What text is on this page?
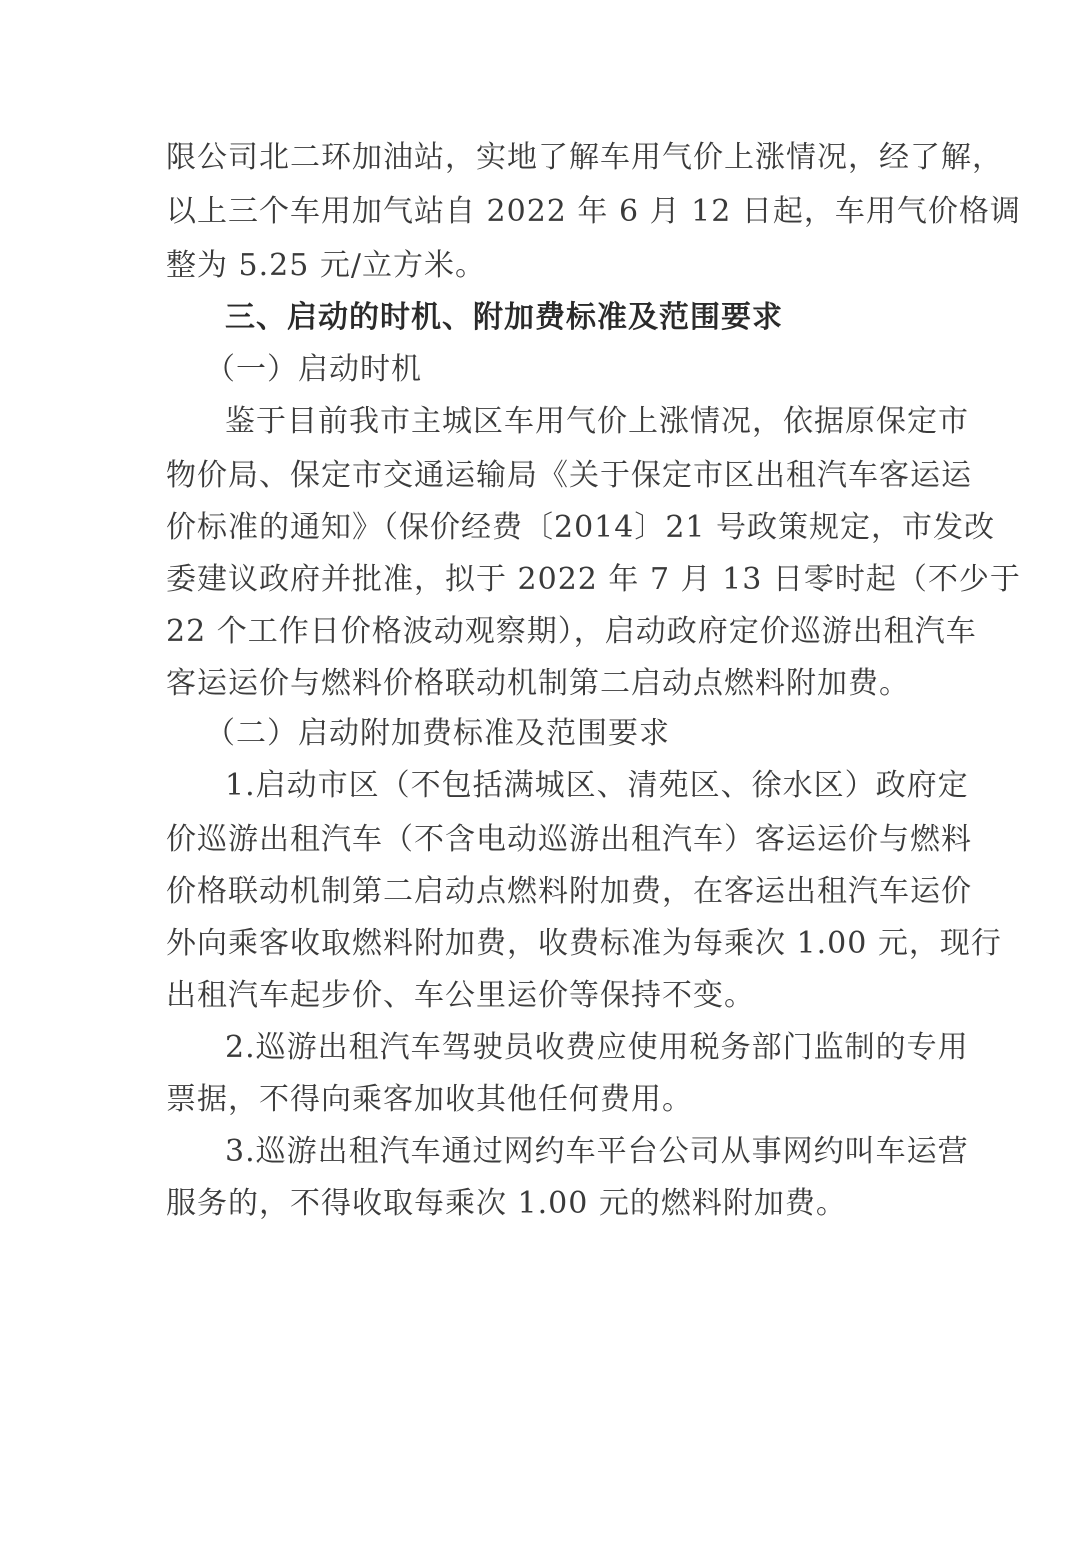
限公司北二环加油站，实地了解车用气价上涨情况，经了解，
以上三个车用加气站自 2022 年 6 月 12 日起，车用气价格调
整为 5.25 元/立方米。
三、启动的时机、附加费标准及范围要求
（一）启动时机
鉴于目前我市主城区车用气价上涨情况，依据原保定市
物价局、保定市交通运输局《关于保定市区出租汽车客运运
价标准的通知》（保价经费〔2014〕21 号政策规定，市发改
委建议政府并批准，拟于 2022 年 7 月 13 日零时起（不少于
22 个工作日价格波动观察期），启动政府定价巡游出租汽车
客运运价与燃料价格联动机制第二启动点燃料附加费。
（二）启动附加费标准及范围要求
1.启动市区（不包括满城区、清苑区、徐水区）政府定
价巡游出租汽车（不含电动巡游出租汽车）客运运价与燃料
价格联动机制第二启动点燃料附加费，在客运出租汽车运价
外向乘客收取燃料附加费，收费标准为每乘次 1.00 元，现行
出租汽车起步价、车公里运价等保持不变。
2.巡游出租汽车驾驶员收费应使用税务部门监制的专用
票据，不得向乘客加收其他任何费用。
3.巡游出租汽车通过网约车平台公司从事网约叫车运营
服务的，不得收取每乘次 1.00 元的燃料附加费。
